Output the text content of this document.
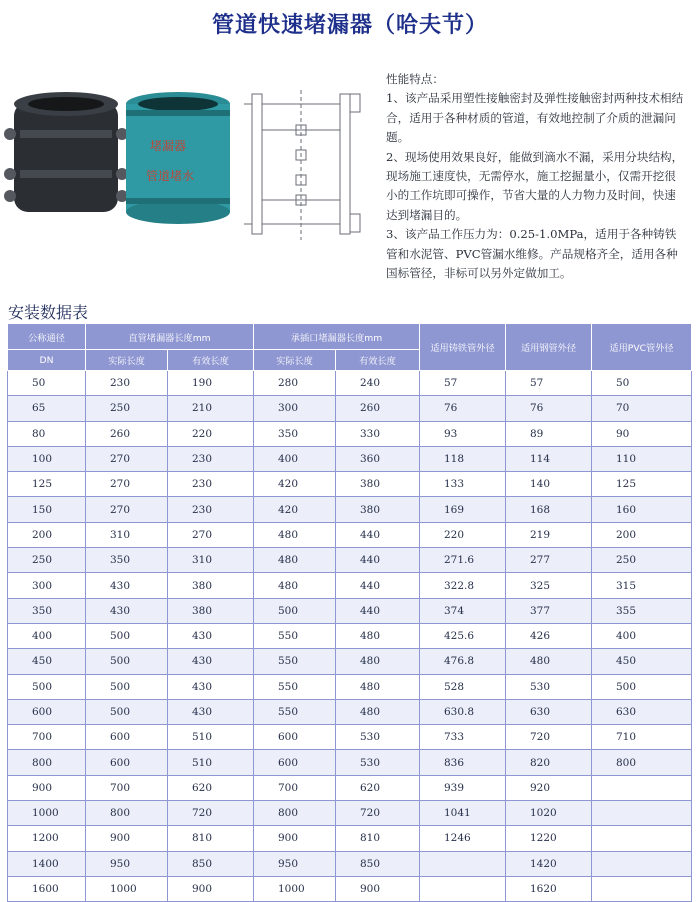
管道快速堵漏器（哈夫节）
堵漏器
管道堵水

性能特点：

1、该产品采用塑性接触密封及弹性接触密封两种技术相结合，适用于各种材质的管道，有效地控制了介质的泄漏问题。

2、现场使用效果良好，能做到滴水不漏，采用分块结构，现场施工速度快，无需停水，施工挖掘量小，仅需开挖很小的工作坑即可操作，节省大量的人力物力及时间，快速达到堵漏目的。

3、该产品工作压力为：0.25-1.0MPa，适用于各种铸铁管和水泥管、PVC管漏水维修。产品规格齐全，适用各种国标管径，非标可以另外定做加工。

安装数据表
公称通径	直管堵漏器长度mm		承插口堵漏器长度mm		适用铸铁管外径	适用钢管外径	适用PVC管外径
DN	实际长度	有效长度	实际长度	有效长度			
50	230	190	280	240	57	57	50
65	250	210	300	260	76	76	70
80	260	220	350	330	93	89	90
100	270	230	400	360	118	114	110
125	270	230	420	380	133	140	125
150	270	230	420	380	169	168	160
200	310	270	480	440	220	219	200
250	350	310	480	440	271.6	277	250
300	430	380	480	440	322.8	325	315
350	430	380	500	440	374	377	355
400	500	430	550	480	425.6	426	400
450	500	430	550	480	476.8	480	450
500	500	430	550	480	528	530	500
600	500	430	550	480	630.8	630	630
700	600	510	600	530	733	720	710
800	600	510	600	530	836	820	800
900	700	620	700	620	939	920	
1000	800	720	800	720	1041	1020	
1200	900	810	900	810	1246	1220	
1400	950	850	950	850		1420	
1600	1000	900	1000	900		1620	
